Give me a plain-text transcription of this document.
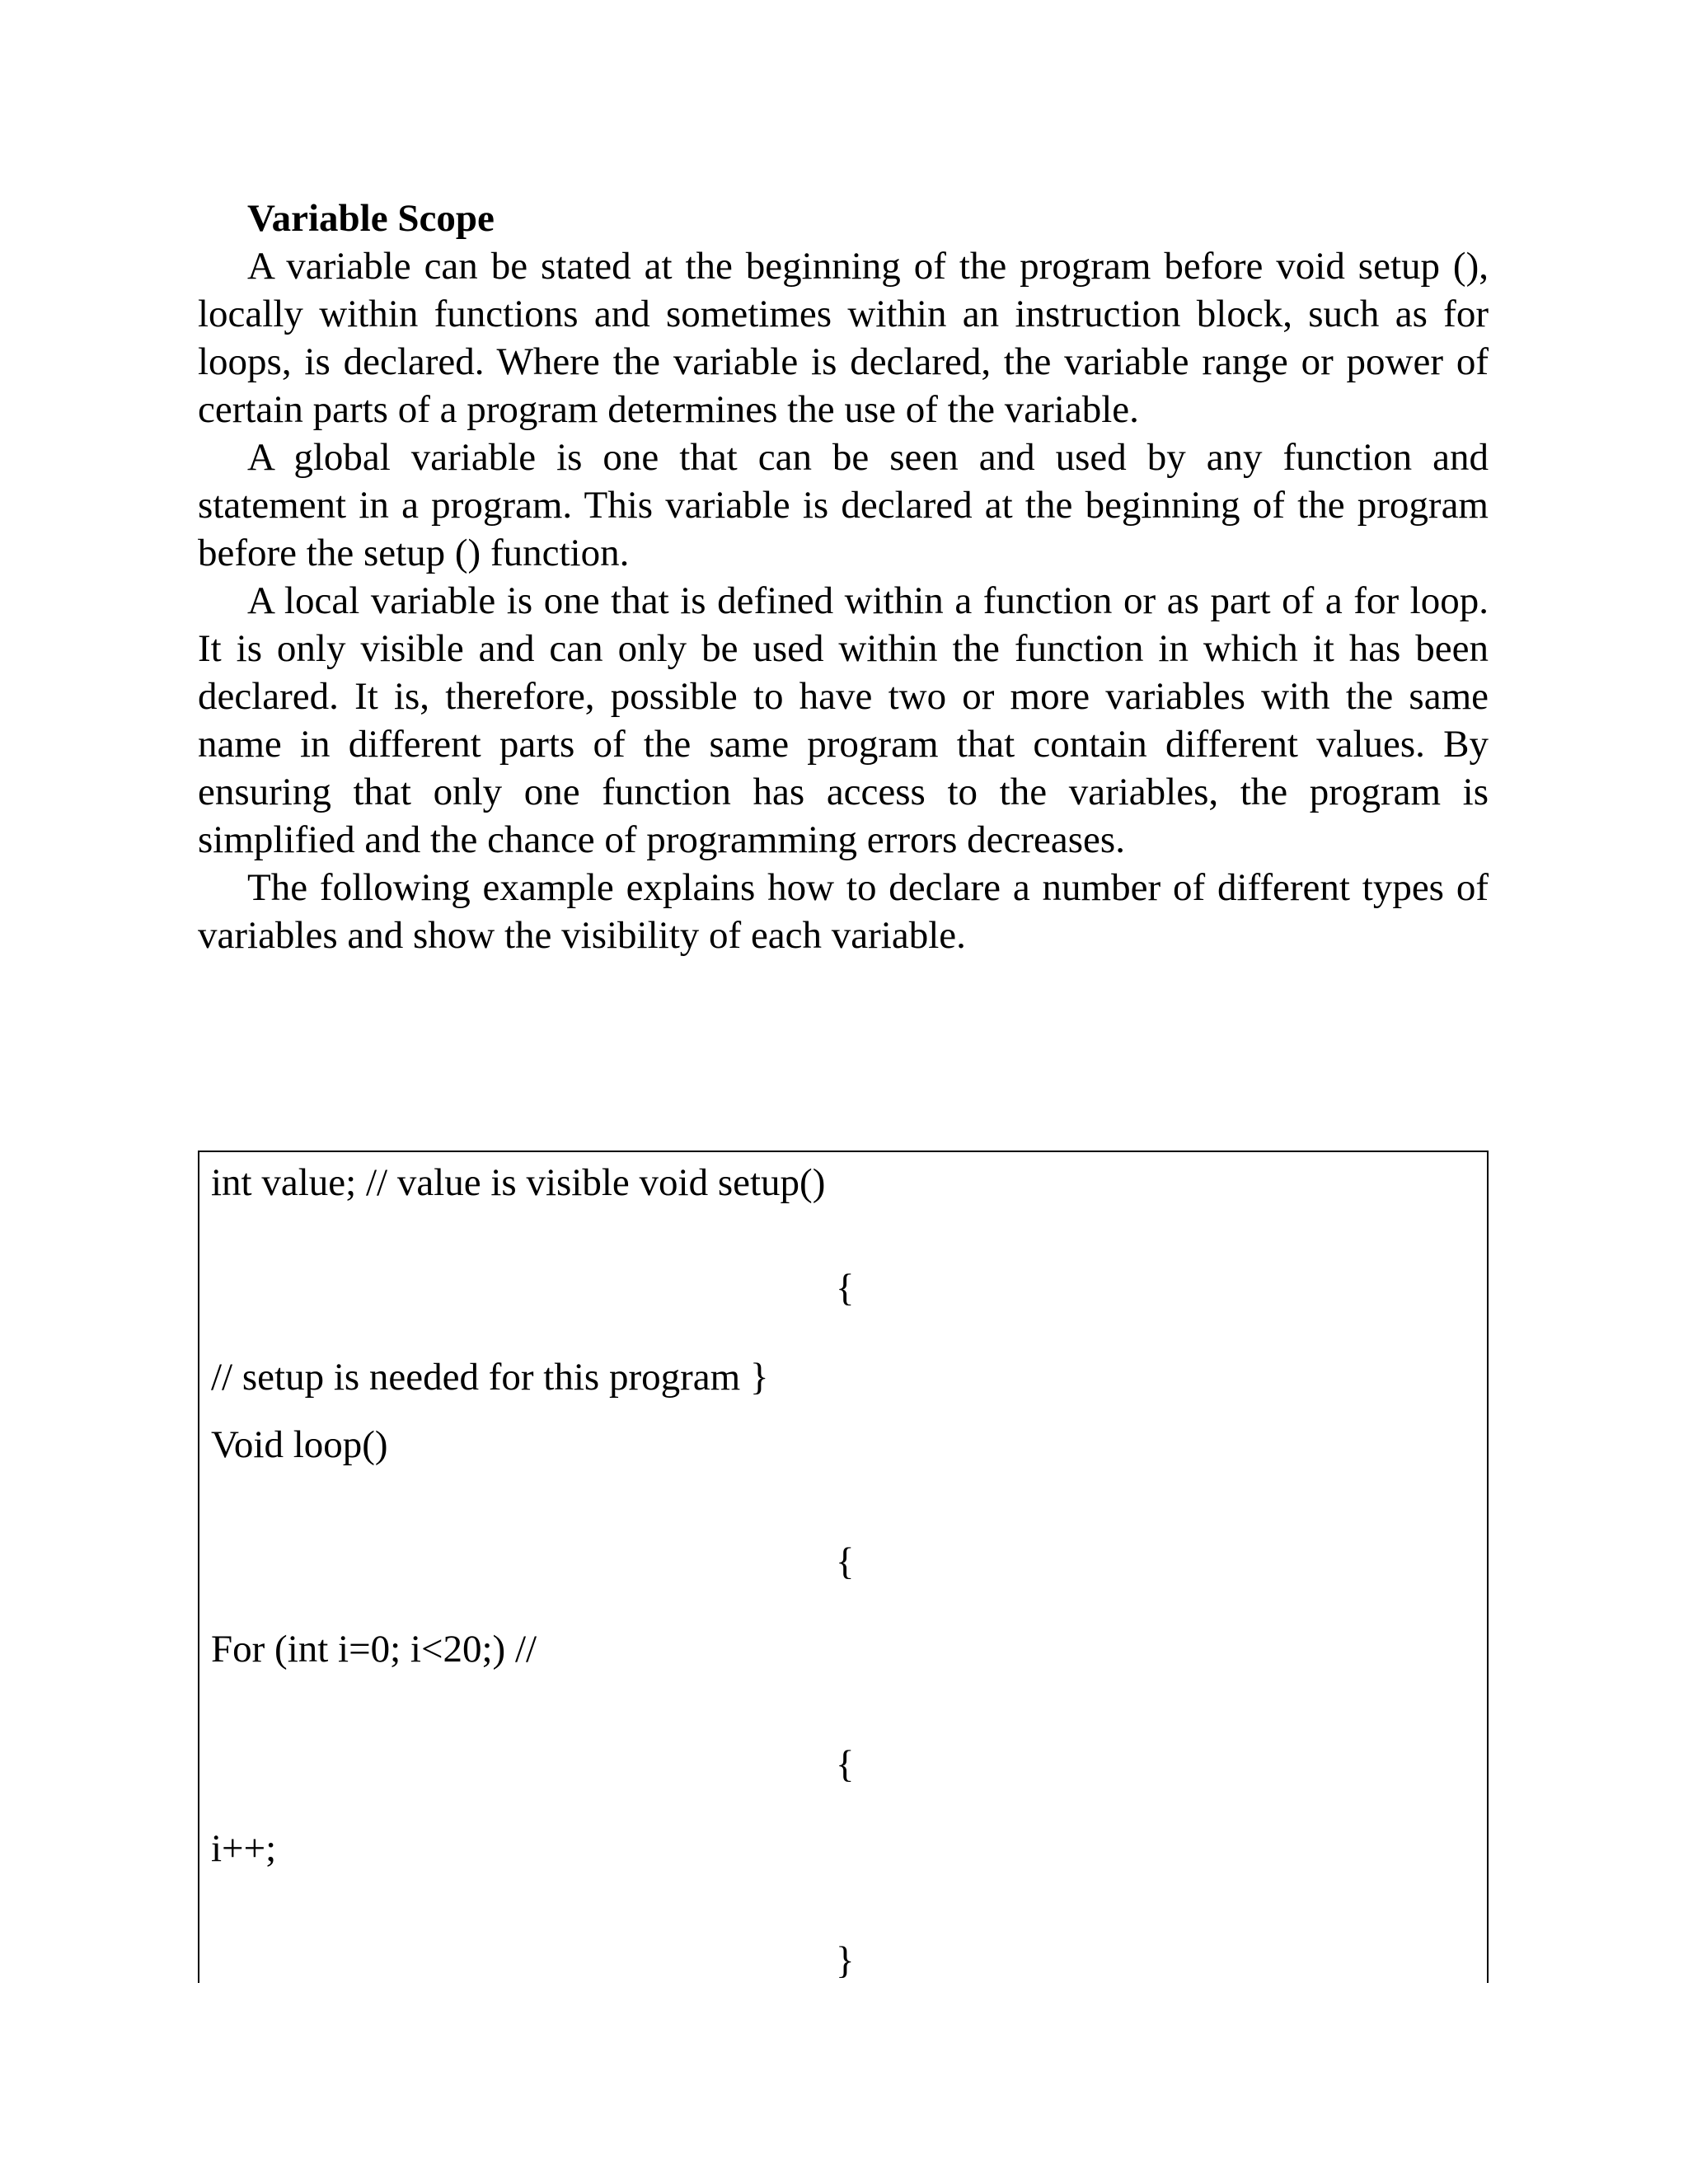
Variable Scope

A variable can be stated at the beginning of the program before void setup (), locally within functions and sometimes within an instruction block, such as for loops, is declared. Where the variable is declared, the variable range or power of certain parts of a program determines the use of the variable.

A global variable is one that can be seen and used by any function and statement in a program. This variable is declared at the beginning of the program before the setup () function.

A local variable is one that is defined within a function or as part of a for loop. It is only visible and can only be used within the function in which it has been declared. It is, therefore, possible to have two or more variables with the same name in different parts of the same program that contain different values. By ensuring that only one function has access to the variables, the program is simplified and the chance of programming errors decreases.

The following example explains how to declare a number of different types of variables and show the visibility of each variable.

int value; // value is visible void setup()
{
// setup is needed for this program }
Void loop()
{
For (int i=0; i<20;) //
{
i++;
}
